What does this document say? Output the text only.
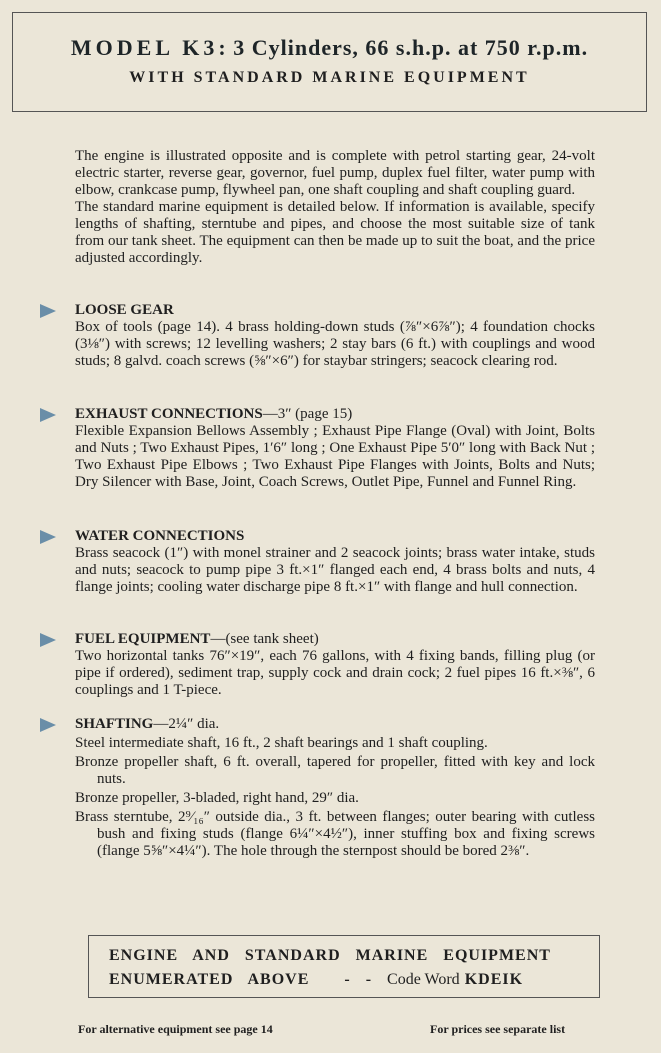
MODEL K3: 3 Cylinders, 66 s.h.p. at 750 r.p.m.
WITH STANDARD MARINE EQUIPMENT

The engine is illustrated opposite and is complete with petrol starting gear, 24-volt electric starter, reverse gear, governor, fuel pump, duplex fuel filter, water pump with elbow, crankcase pump, flywheel pan, one shaft coupling and shaft coupling guard.

The standard marine equipment is detailed below. If information is available, specify lengths of shafting, sterntube and pipes, and choose the most suitable size of tank from our tank sheet. The equipment can then be made up to suit the boat, and the price adjusted accordingly.

LOOSE GEAR
Box of tools (page 14). 4 brass holding-down studs (⅞″×6⅞″); 4 foundation chocks (3⅛″) with screws; 12 levelling washers; 2 stay bars (6 ft.) with couplings and wood studs; 8 galvd. coach screws (⅝″×6″) for staybar stringers; seacock clearing rod.
EXHAUST CONNECTIONS—3″ (page 15)
Flexible Expansion Bellows Assembly ; Exhaust Pipe Flange (Oval) with Joint, Bolts and Nuts ; Two Exhaust Pipes, 1′6″ long ; One Exhaust Pipe 5′0″ long with Back Nut ; Two Exhaust Pipe Elbows ; Two Exhaust Pipe Flanges with Joints, Bolts and Nuts; Dry Silencer with Base, Joint, Coach Screws, Outlet Pipe, Funnel and Funnel Ring.
WATER CONNECTIONS
Brass seacock (1″) with monel strainer and 2 seacock joints; brass water intake, studs and nuts; seacock to pump pipe 3 ft.×1″ flanged each end, 4 brass bolts and nuts, 4 flange joints; cooling water discharge pipe 8 ft.×1″ with flange and hull connection.
FUEL EQUIPMENT—(see tank sheet)
Two horizontal tanks 76″×19″, each 76 gallons, with 4 fixing bands, filling plug (or pipe if ordered), sediment trap, supply cock and drain cock; 2 fuel pipes 16 ft.×⅜″, 6 couplings and 1 T-piece.
SHAFTING—2¼″ dia.
Steel intermediate shaft, 16 ft., 2 shaft bearings and 1 shaft coupling.
Bronze propeller shaft, 6 ft. overall, tapered for propeller, fitted with key and lock nuts.
Bronze propeller, 3-bladed, right hand, 29″ dia.
Brass sterntube, 2⁹⁄₁₆″ outside dia., 3 ft. between flanges; outer bearing with cutless bush and fixing studs (flange 6¼″×4½″), inner stuffing box and fixing screws (flange 5⅝″×4¼″). The hole through the sternpost should be bored 2⅜″.
ENGINE   AND   STANDARD   MARINE   EQUIPMENT
ENUMERATED   ABOVE -   - Code Word KDEIK
For alternative equipment see page 14	For prices see separate list
